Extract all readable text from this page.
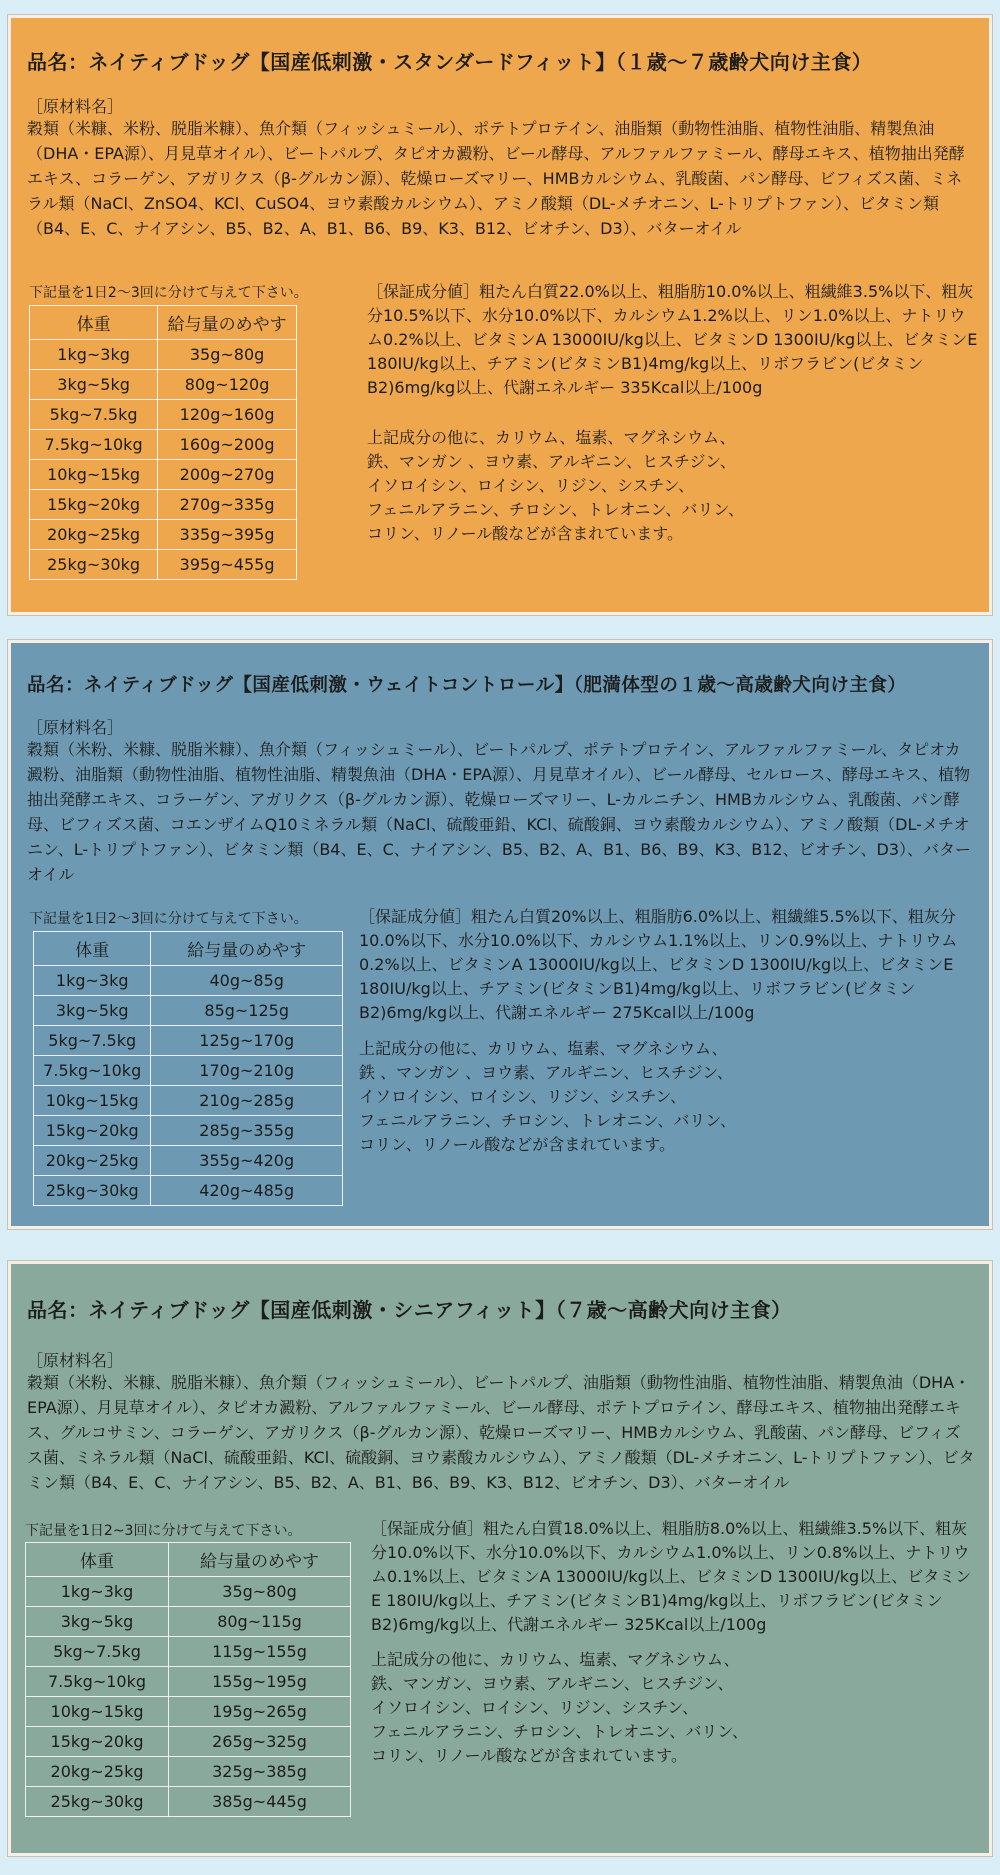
品名：ネイティブドッグ【国産低刺激・スタンダードフィット】（１歳～７歳齢犬向け主食）
［原材料名］
穀類（米糠、米粉、脱脂米糠）、魚介類（フィッシュミール）、ポテトプロテイン、油脂類（動物性油脂、植物性油脂、精製魚油（DHA・EPA源）、月見草オイル）、ビートパルプ、タピオカ澱粉、ビール酵母、アルファルファミール、酵母エキス、植物抽出発酵エキス、コラーゲン、アガリクス（β-グルカン源）、乾燥ローズマリー、HMBカルシウム、乳酸菌、パン酵母、ビフィズス菌、ミネラル類（NaCl、ZnSO4、KCl、CuSO4、ヨウ素酸カルシウム）、アミノ酸類（DL-メチオニン、L-トリプトファン）、ビタミン類（B4、E、C、ナイアシン、B5、B2、A、B1、B6、B9、K3、B12、ビオチン、D3）、バターオイル
下記量を1日2～3回に分けて与えて下さい。
体重	給与量のめやす
1kg~3kg	35g~80g
3kg~5kg	80g~120g
5kg~7.5kg	120g~160g
7.5kg~10kg	160g~200g
10kg~15kg	200g~270g
15kg~20kg	270g~335g
20kg~25kg	335g~395g
25kg~30kg	395g~455g
［保証成分値］粗たん白質22.0%以上、粗脂肪10.0%以上、粗繊維3.5%以下、粗灰分10.5%以下、水分10.0%以下、カルシウム1.2%以上、リン1.0%以上、ナトリウム0.2%以上、ビタミンA 13000IU/kg以上、ビタミンD 1300IU/kg以上、ビタミンE 180IU/kg以上、チアミン(ビタミンB1)4mg/kg以上、リボフラビン(ビタミンB2)6mg/kg以上、代謝エネルギー 335Kcal以上/100g
上記成分の他に、カリウム、塩素、マグネシウム、
鉄、マンガン 、ヨウ素、アルギニン、ヒスチジン、
イソロイシン、ロイシン、リジン、シスチン、
フェニルアラニン、チロシン、トレオニン、バリン、
コリン、リノール酸などが含まれています。
品名：ネイティブドッグ【国産低刺激・ウェイトコントロール】（肥満体型の１歳～高歳齢犬向け主食）
［原材料名］
穀類（米粉、米糠、脱脂米糠）、魚介類（フィッシュミール）、ビートパルプ、ポテトプロテイン、アルファルファミール、タピオカ澱粉、油脂類（動物性油脂、植物性油脂、精製魚油（DHA・EPA源）、月見草オイル）、ビール酵母、セルロース、酵母エキス、植物抽出発酵エキス、コラーゲン、アガリクス（β-グルカン源）、乾燥ローズマリー、L-カルニチン、HMBカルシウム、乳酸菌、パン酵母、ビフィズス菌、コエンザイムQ10ミネラル類（NaCl、硫酸亜鉛、KCl、硫酸銅、ヨウ素酸カルシウム）、アミノ酸類（DL-メチオニン、L-トリプトファン）、ビタミン類（B4、E、C、ナイアシン、B5、B2、A、B1、B6、B9、K3、B12、ビオチン、D3）、バターオイル
下記量を1日2～3回に分けて与えて下さい。
体重	給与量のめやす
1kg~3kg	40g~85g
3kg~5kg	85g~125g
5kg~7.5kg	125g~170g
7.5kg~10kg	170g~210g
10kg~15kg	210g~285g
15kg~20kg	285g~355g
20kg~25kg	355g~420g
25kg~30kg	420g~485g
［保証成分値］粗たん白質20%以上、粗脂肪6.0%以上、粗繊維5.5%以下、粗灰分10.0%以下、水分10.0%以下、カルシウム1.1%以上、リン0.9%以上、ナトリウム0.2%以上、ビタミンA 13000IU/kg以上、ビタミンD 1300IU/kg以上、ビタミンE 180IU/kg以上、チアミン(ビタミンB1)4mg/kg以上、リボフラビン(ビタミンB2)6mg/kg以上、代謝エネルギー 275Kcal以上/100g
上記成分の他に、カリウム、塩素、マグネシウム、
鉄 、マンガン 、ヨウ素、アルギニン、ヒスチジン、
イソロイシン、ロイシン、リジン、シスチン、
フェニルアラニン、チロシン、トレオニン、バリン、
コリン、リノール酸などが含まれています。
品名：ネイティブドッグ【国産低刺激・シニアフィット】（７歳～高齢犬向け主食）
［原材料名］
穀類（米粉、米糠、脱脂米糠）、魚介類（フィッシュミール）、ビートパルプ、油脂類（動物性油脂、植物性油脂、精製魚油（DHA・EPA源）、月見草オイル）、タピオカ澱粉、アルファルファミール、ビール酵母、ポテトプロテイン、酵母エキス、植物抽出発酵エキス、グルコサミン、コラーゲン、アガリクス（β-グルカン源）、乾燥ローズマリー、HMBカルシウム、乳酸菌、パン酵母、ビフィズス菌、ミネラル類（NaCl、硫酸亜鉛、KCl、硫酸銅、ヨウ素酸カルシウム）、アミノ酸類（DL-メチオニン、L-トリプトファン）、ビタミン類（B4、E、C、ナイアシン、B5、B2、A、B1、B6、B9、K3、B12、ビオチン、D3）、バターオイル
下記量を1日2~3回に分けて与えて下さい。
体重	給与量のめやす
1kg~3kg	35g~80g
3kg~5kg	80g~115g
5kg~7.5kg	115g~155g
7.5kg~10kg	155g~195g
10kg~15kg	195g~265g
15kg~20kg	265g~325g
20kg~25kg	325g~385g
25kg~30kg	385g~445g
［保証成分値］粗たん白質18.0%以上、粗脂肪8.0%以上、粗繊維3.5%以下、粗灰分10.0%以下、水分10.0%以下、カルシウム1.0%以上、リン0.8%以上、ナトリウム0.1%以上、ビタミンA 13000IU/kg以上、ビタミンD 1300IU/kg以上、ビタミンE 180IU/kg以上、チアミン(ビタミンB1)4mg/kg以上、リボフラビン(ビタミンB2)6mg/kg以上、代謝エネルギー 325Kcal以上/100g
上記成分の他に、カリウム、塩素、マグネシウム、
鉄、マンガン、ヨウ素、アルギニン、ヒスチジン、
イソロイシン、ロイシン、リジン、シスチン、
フェニルアラニン、チロシン、トレオニン、バリン、
コリン、リノール酸などが含まれています。
